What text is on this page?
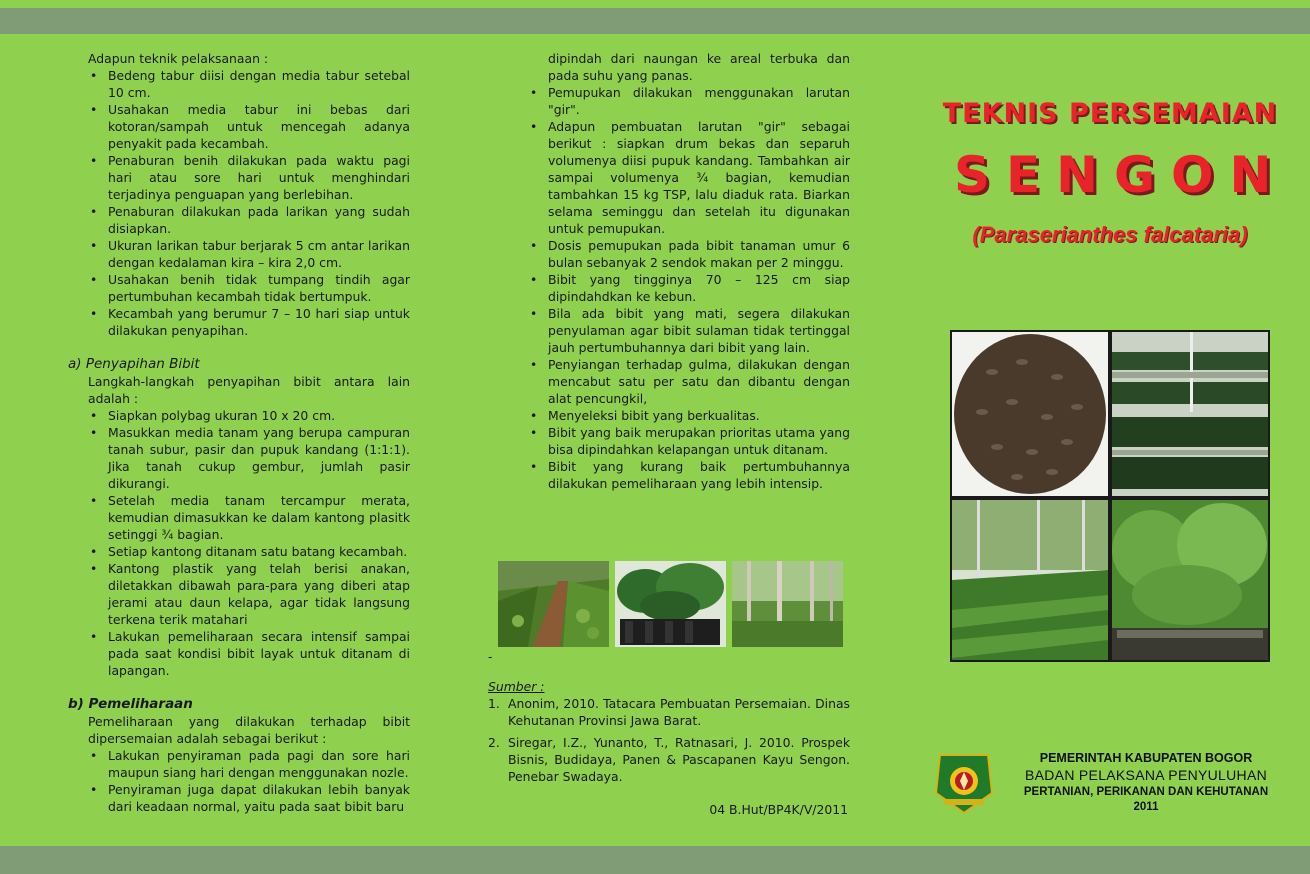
Adapun teknik pelaksanaan :
• Bedeng tabur diisi dengan media tabur setebal 10 cm.
• Usahakan media tabur ini bebas dari kotoran/sampah untuk mencegah adanya penyakit pada kecambah.
• Penaburan benih dilakukan pada waktu pagi hari atau sore hari untuk menghindari terjadinya penguapan yang berlebihan.
• Penaburan dilakukan pada larikan yang sudah disiapkan.
• Ukuran larikan tabur berjarak 5 cm antar larikan dengan kedalaman kira – kira 2,0 cm.
• Usahakan benih tidak tumpang tindih agar pertumbuhan kecambah tidak bertumpuk.
• Kecambah yang berumur 7 – 10 hari siap untuk dilakukan penyapihan.
a) Penyapihan Bibit
Langkah-langkah penyapihan bibit antara lain adalah :
• Siapkan polybag ukuran 10 x 20 cm.
• Masukkan media tanam yang berupa campuran tanah subur, pasir dan pupuk kandang (1:1:1). Jika tanah cukup gembur, jumlah pasir dikurangi.
• Setelah media tanam tercampur merata, kemudian dimasukkan ke dalam kantong plasitk setinggi ¾ bagian.
• Setiap kantong ditanam satu batang kecambah.
• Kantong plastik yang telah berisi anakan, diletakkan dibawah para-para yang diberi atap jerami atau daun kelapa, agar tidak langsung terkena terik matahari
• Lakukan pemeliharaan secara intensif sampai pada saat kondisi bibit layak untuk ditanam di lapangan.
b) Pemeliharaan
Pemeliharaan yang dilakukan terhadap bibit dipersemaian adalah sebagai berikut :
• Lakukan penyiraman pada pagi dan sore hari maupun siang hari dengan menggunakan nozle.
• Penyiraman juga dapat dilakukan lebih banyak dari keadaan normal, yaitu pada saat bibit baru
dipindah dari naungan ke areal terbuka dan pada suhu yang panas.
• Pemupukan dilakukan menggunakan larutan "gir".
• Adapun pembuatan larutan "gir" sebagai berikut : siapkan drum bekas dan separuh volumenya diisi pupuk kandang. Tambahkan air sampai volumenya ¾ bagian, kemudian tambahkan 15 kg TSP, lalu diaduk rata. Biarkan selama seminggu dan setelah itu digunakan untuk pemupukan.
• Dosis pemupukan pada bibit tanaman umur 6 bulan sebanyak 2 sendok makan per 2 minggu.
• Bibit yang tingginya 70 – 125 cm siap dipindahdkan ke kebun.
• Bila ada bibit yang mati, segera dilakukan penyulaman agar bibit sulaman tidak tertinggal jauh pertumbuhannya dari bibit yang lain.
• Penyiangan terhadap gulma, dilakukan dengan mencabut satu per satu dan dibantu dengan alat pencungkil,
• Menyeleksi bibit yang berkualitas.
• Bibit yang baik merupakan prioritas utama yang bisa dipindahkan kelapangan untuk ditanam.
• Bibit yang kurang baik pertumbuhannya dilakukan pemeliharaan yang lebih intensip.
-
Sumber :
1. Anonim, 2010. Tatacara Pembuatan Persemaian. Dinas Kehutanan Provinsi Jawa Barat.
2. Siregar, I.Z., Yunanto, T., Ratnasari, J. 2010. Prospek Bisnis, Budidaya, Panen & Pascapanen Kayu Sengon. Penebar Swadaya.
04 B.Hut/BP4K/V/2011
TEKNIS PERSEMAIAN
SENGON
(Paraserianthes falcataria)
PEMERINTAH KABUPATEN BOGOR
BADAN PELAKSANA PENYULUHAN
PERTANIAN, PERIKANAN DAN KEHUTANAN
2011
